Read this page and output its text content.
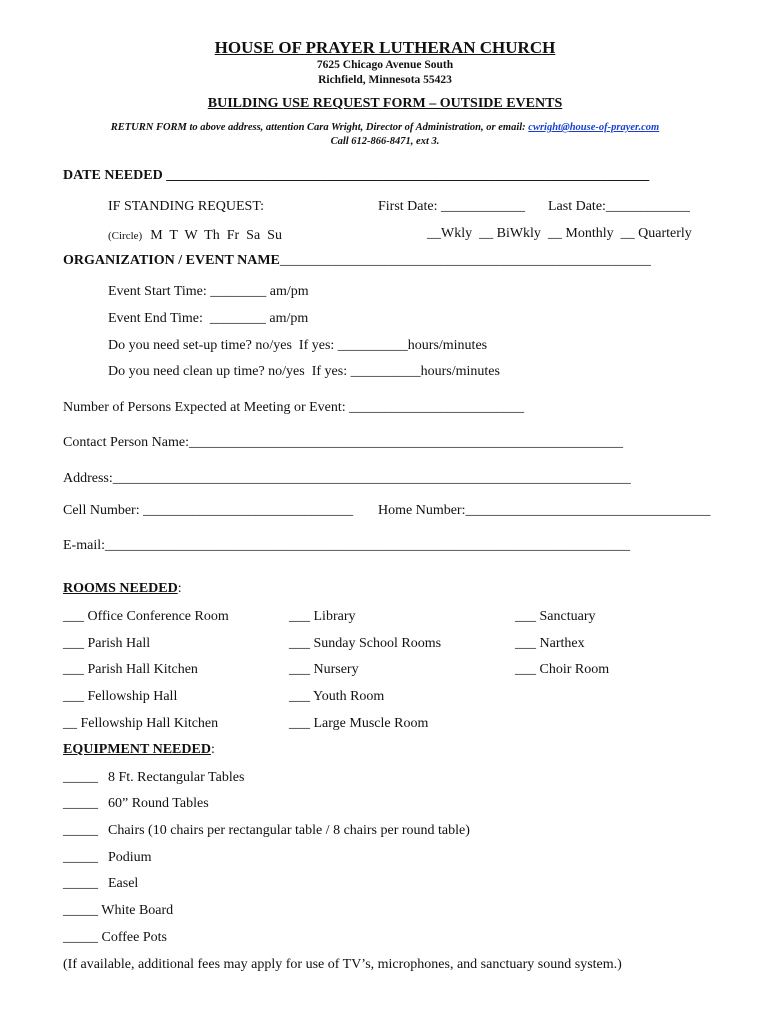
HOUSE OF PRAYER LUTHERAN CHURCH
7625 Chicago Avenue South
Richfield, Minnesota 55423
BUILDING USE REQUEST FORM – OUTSIDE EVENTS
RETURN FORM to above address, attention Cara Wright, Director of Administration, or email: cwright@house-of-prayer.com
Call 612-866-8471, ext 3.
DATE NEEDED _____________________________________________________________________
IF STANDING REQUEST:	First Date: ____________ Last Date:____________
(Circle) M  T  W  Th  Fr  Sa  Su	__Wkly  __ BiWkly  __ Monthly  __ Quarterly
ORGANIZATION / EVENT NAME_____________________________________________________
Event Start Time: ________ am/pm
Event End Time:  ________ am/pm
Do you need set-up time? no/yes  If yes: __________hours/minutes
Do you need clean up time? no/yes  If yes: __________hours/minutes
Number of Persons Expected at Meeting or Event: _________________________
Contact Person Name:______________________________________________________________
Address:__________________________________________________________________________
Cell Number: ______________________________ Home Number:___________________________________
E-mail:___________________________________________________________________________
ROOMS NEEDED:
___ Office Conference Room
___ Parish Hall
___ Parish Hall Kitchen
___ Fellowship Hall
__ Fellowship Hall Kitchen
___ Library
___ Sunday School Rooms
___ Nursery
___ Youth Room
___ Large Muscle Room
___ Sanctuary
___ Narthex
___ Choir Room
EQUIPMENT NEEDED:
_____ 8 Ft. Rectangular Tables
_____ 60” Round Tables
_____ Chairs (10 chairs per rectangular table / 8 chairs per round table)
_____ Podium
_____ Easel
_____ White Board
_____ Coffee Pots
(If available, additional fees may apply for use of TV’s, microphones, and sanctuary sound system.)
